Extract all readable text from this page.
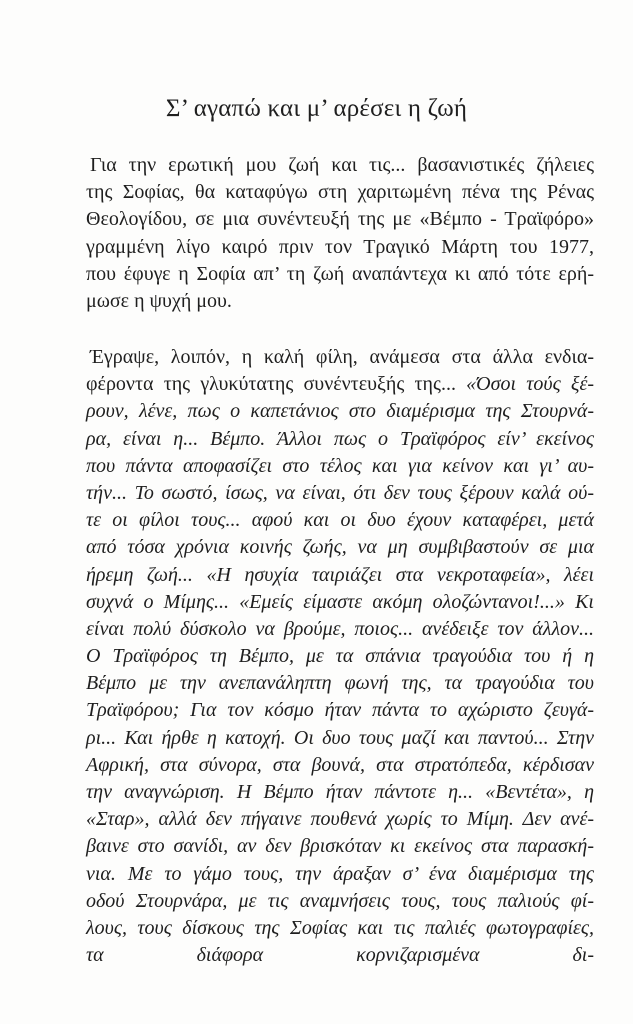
Σ’ αγαπώ και μ’ αρέσει η ζωή
Για την ερωτική μου ζωή και τις... βασανιστικές ζήλειες
της Σοφίας, θα καταφύγω στη χαριτωμένη πένα της Ρένας
Θεολογίδου, σε μια συνέντευξή της με «Βέμπο - Τραϊφόρο»
γραμμένη λίγο καιρό πριν τον Τραγικό Μάρτη του 1977,
που έφυγε η Σοφία απ’ τη ζωή αναπάντεχα κι από τότε ερή-
μωσε η ψυχή μου.
Έγραψε, λοιπόν, η καλή φίλη, ανάμεσα στα άλλα ενδια-
φέροντα της γλυκύτατης συνέντευξής της... «Όσοι τούς ξέ-
ρουν, λένε, πως ο καπετάνιος στο διαμέρισμα της Στουρνά-
ρα, είναι η... Βέμπο. Άλλοι πως ο Τραϊφόρος είν’ εκείνος
που πάντα αποφασίζει στο τέλος και για κείνον και γι’ αυ-
τήν... Το σωστό, ίσως, να είναι, ότι δεν τους ξέρουν καλά ού-
τε οι φίλοι τους... αφού και οι δυο έχουν καταφέρει, μετά
από τόσα χρόνια κοινής ζωής, να μη συμβιβαστούν σε μια
ήρεμη ζωή... «Η ησυχία ταιριάζει στα νεκροταφεία», λέει
συχνά ο Μίμης... «Εμείς είμαστε ακόμη ολοζώντανοι!...» Κι
είναι πολύ δύσκολο να βρούμε, ποιος... ανέδειξε τον άλλον...
Ο Τραϊφόρος τη Βέμπο, με τα σπάνια τραγούδια του ή η
Βέμπο με την ανεπανάληπτη φωνή της, τα τραγούδια του
Τραϊφόρου; Για τον κόσμο ήταν πάντα το αχώριστο ζευγά-
ρι... Και ήρθε η κατοχή. Οι δυο τους μαζί και παντού... Στην
Αφρική, στα σύνορα, στα βουνά, στα στρατόπεδα, κέρδισαν
την αναγνώριση. Η Βέμπο ήταν πάντοτε η... «Βεντέτα», η
«Σταρ», αλλά δεν πήγαινε πουθενά χωρίς το Μίμη. Δεν ανέ-
βαινε στο σανίδι, αν δεν βρισκόταν κι εκείνος στα παρασκή-
νια. Με το γάμο τους, την άραξαν σ’ ένα διαμέρισμα της
οδού Στουρνάρα, με τις αναμνήσεις τους, τους παλιούς φί-
λους, τους δίσκους της Σοφίας και τις παλιές φωτογραφίες,
τα διάφορα κορνιζαρισμένα δι-
